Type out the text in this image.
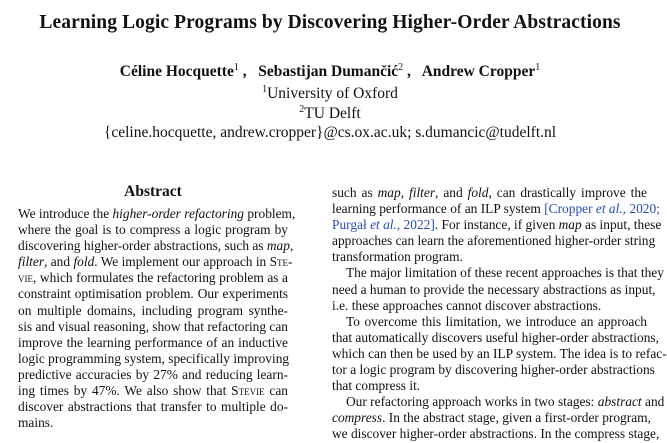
Learning Logic Programs by Discovering Higher-Order Abstractions
Céline Hocquette$^1$ ,   Sebastijan Dumančić$^2$ ,   Andrew Cropper$^1$
$^1$University of Oxford
$^2$TU Delft
{celine.hocquette, andrew.cropper}@cs.ox.ac.uk; s.dumancic@tudelft.nl
Abstract
We introduce the higher-order refactoring problem,
where the goal is to compress a logic program by
discovering higher-order abstractions, such as map,
filter, and fold. We implement our approach in Ste-
vie, which formulates the refactoring problem as a
constraint optimisation problem. Our experiments
on multiple domains, including program synthe-
sis and visual reasoning, show that refactoring can
improve the learning performance of an inductive
logic programming system, specifically improving
predictive accuracies by 27% and reducing learn-
ing times by 47%. We also show that Stevie can
discover abstractions that transfer to multiple do-
mains.
such as map, filter, and fold, can drastically improve the
learning performance of an ILP system [Cropper et al., 2020;
Purgał et al., 2022]. For instance, if given map as input, these
approaches can learn the aforementioned higher-order string
transformation program.
The major limitation of these recent approaches is that they
need a human to provide the necessary abstractions as input,
i.e. these approaches cannot discover abstractions.
To overcome this limitation, we introduce an approach
that automatically discovers useful higher-order abstractions,
which can then be used by an ILP system. The idea is to refac-
tor a logic program by discovering higher-order abstractions
that compress it.
Our refactoring approach works in two stages: abstract and
compress. In the abstract stage, given a first-order program,
we discover higher-order abstractions. In the compress stage,
